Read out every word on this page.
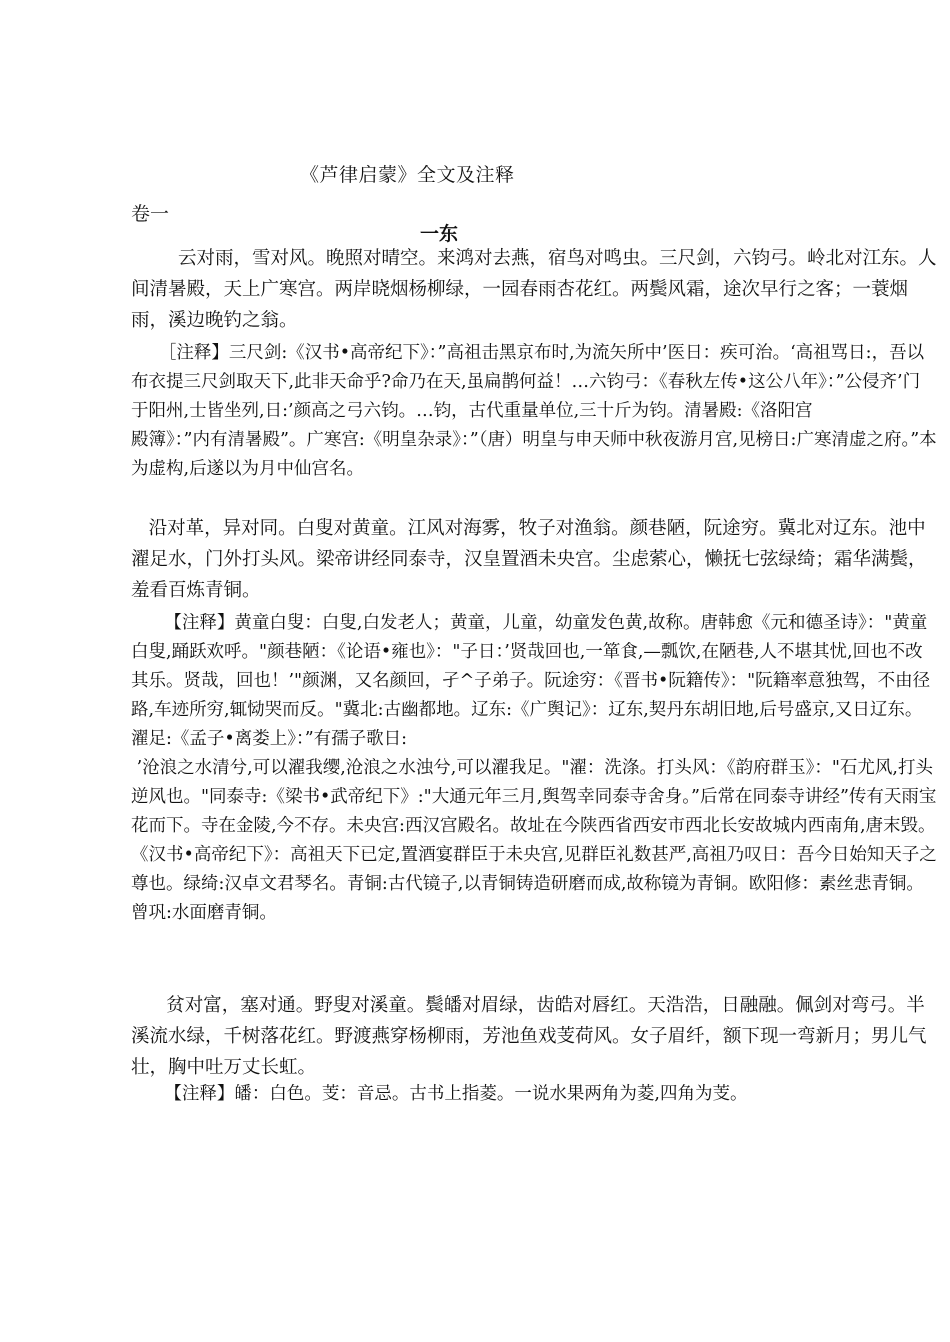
《芦律启蒙》全文及注释
卷一
一东

云对雨，雪对风。晚照对晴空。来鸿对去燕，宿鸟对鸣虫。三尺剑，六钧弓。岭北对江东。人间清暑殿，天上广寒宫。两岸晓烟杨柳绿，一园春雨杏花红。两鬓风霜，途次早行之客；一蓑烟雨，溪边晚钓之翁。

［注释】三尺剑:《汉书•高帝纪下》：”高祖击黑京布时,为流矢所中’医日：疾可治。‘高祖骂日:，吾以布衣提三尺剑取天下,此非天命乎?命乃在天,虽扁鹊何益！…六钧弓：《春秋左传•这公八年》：”公侵齐’门于阳州,士皆坐列,日:’颜高之弓六钧。…钧，古代重量单位,三十斤为钧。清暑殿:《洛阳宫
殿簿》：”内有清暑殿”。广寒宫:《明皇杂录》：”（唐）明皇与申天师中秋夜游月宫,见榜日:广寒清虚之府。”本为虚构,后遂以为月中仙宫名。

沿对革，异对同。白叟对黄童。江风对海雾，牧子对渔翁。颜巷陋，阮途穷。冀北对辽东。池中濯足水，门外打头风。梁帝讲经同泰寺，汉皇置酒未央宫。尘虑萦心，懒抚七弦绿绮；霜华满鬓，羞看百炼青铜。

【注释】黄童白叟：白叟,白发老人；黄童，儿童，幼童发色黄,故称。唐韩愈《元和德圣诗》："黄童白叟,踊跃欢呼。"颜巷陋：《论语•雍也》："子日：’贤哉回也,一箪食,—瓢饮,在陋巷,人不堪其忧,回也不改其乐。贤哉，回也！’"颜渊，又名颜回，孑^子弟子。阮途穷：《晋书•阮籍传》："阮籍率意独驾，不由径路,车迹所穷,辄恸哭而反。"冀北:古幽都地。辽东:《广舆记》：辽东,契丹东胡旧地,后号盛京,又日辽东。濯足:《孟子•离娄上》：”有孺子歌日:
’沧浪之水清兮,可以濯我缨,沧浪之水浊兮,可以濯我足。"濯：洗涤。打头风：《韵府群玉》："石尤风,打头逆风也。"同泰寺:《梁书•武帝纪下》:"大通元年三月,舆驾幸同泰寺舍身。”后常在同泰寺讲经”传有天雨宝花而下。寺在金陵,今不存。未央宫:西汉宫殿名。故址在今陕西省西安市西北长安故城内西南角,唐末毁。《汉书•高帝纪下》：高祖天下已定,置酒宴群臣于未央宫,见群臣礼数甚严,高祖乃叹日：吾今日始知天子之尊也。绿绮:汉卓文君琴名。青铜:古代镜子,以青铜铸造研磨而成,故称镜为青铜。欧阳修：素丝悲青铜。曾巩:水面磨青铜。

贫对富，塞对通。野叟对溪童。鬓皤对眉绿，齿皓对唇红。天浩浩，日融融。佩剑对弯弓。半溪流水绿，千树落花红。野渡燕穿杨柳雨，芳池鱼戏芰荷风。女子眉纤，额下现一弯新月；男儿气壮，胸中吐万丈长虹。

【注释】皤：白色。芰：音忌。古书上指菱。一说水果两角为菱,四角为芰。
